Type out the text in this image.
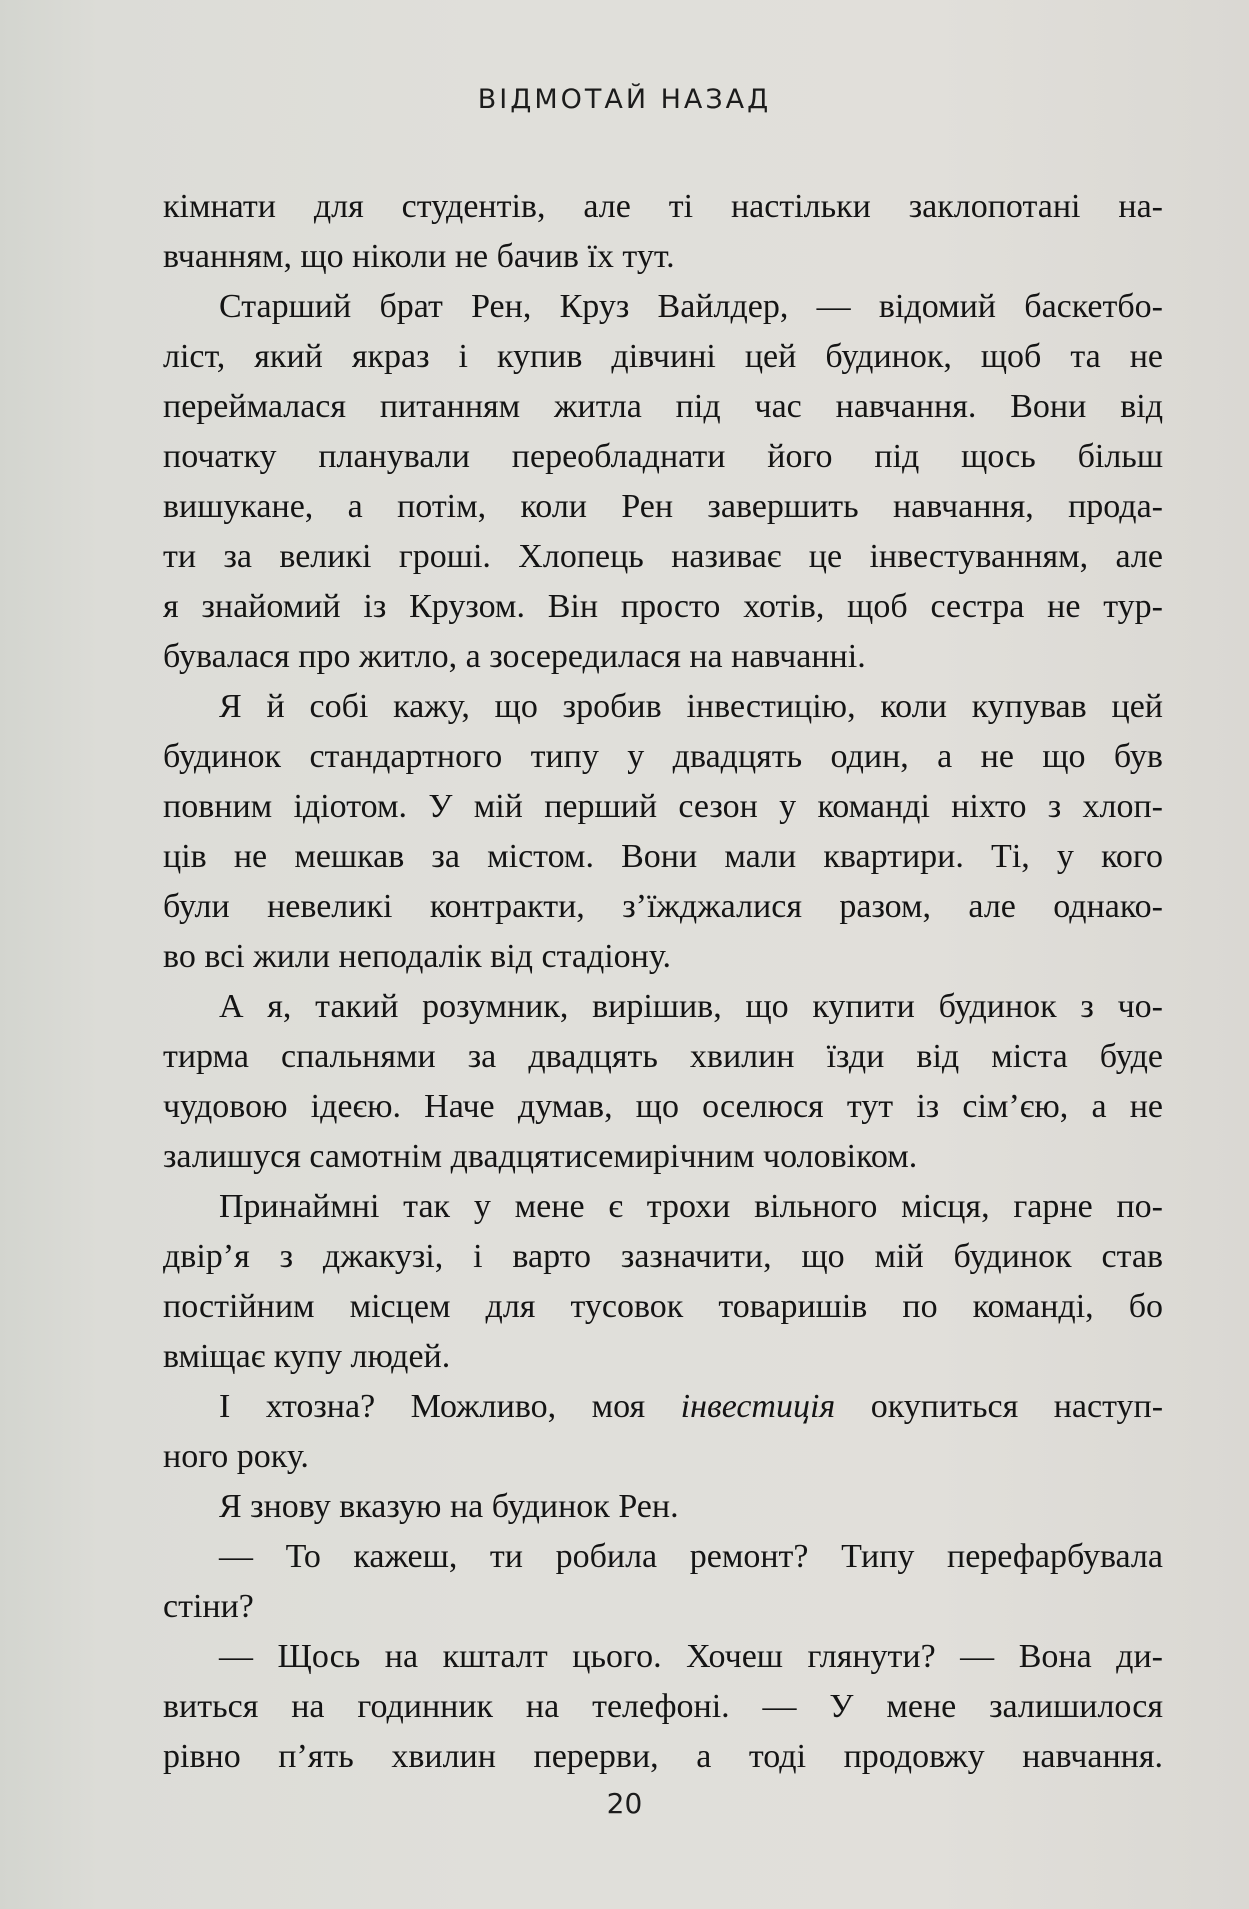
ВІДМОТАЙ НАЗАД
кімнати для студентів, але ті настільки заклопотані на-
вчанням, що ніколи не бачив їх тут.
Старший брат Рен, Круз Вайлдер, — відомий баскетбо-
ліст, який якраз і купив дівчині цей будинок, щоб та не
переймалася питанням житла під час навчання. Вони від
початку планували переобладнати його під щось більш
вишукане, а потім, коли Рен завершить навчання, прода-
ти за великі гроші. Хлопець називає це інвестуванням, але
я знайомий із Крузом. Він просто хотів, щоб сестра не тур-
бувалася про житло, а зосередилася на навчанні.
Я й собі кажу, що зробив інвестицію, коли купував цей
будинок стандартного типу у двадцять один, а не що був
повним ідіотом. У мій перший сезон у команді ніхто з хлоп-
ців не мешкав за містом. Вони мали квартири. Ті, у кого
були невеликі контракти, з’їжджалися разом, але однако-
во всі жили неподалік від стадіону.
А я, такий розумник, вирішив, що купити будинок з чо-
тирма спальнями за двадцять хвилин їзди від міста буде
чудовою ідеєю. Наче думав, що оселюся тут із сім’єю, а не
залишуся самотнім двадцятисемирічним чоловіком.
Принаймні так у мене є трохи вільного місця, гарне по-
двір’я з джакузі, і варто зазначити, що мій будинок став
постійним місцем для тусовок товаришів по команді, бо
вміщає купу людей.
І хтозна? Можливо, моя інвестиція окупиться наступ-
ного року.
Я знову вказую на будинок Рен.
— То кажеш, ти робила ремонт? Типу перефарбувала
стіни?
— Щось на кшталт цього. Хочеш глянути? — Вона ди-
виться на годинник на телефоні. — У мене залишилося
рівно п’ять хвилин перерви, а тоді продовжу навчання.
20
